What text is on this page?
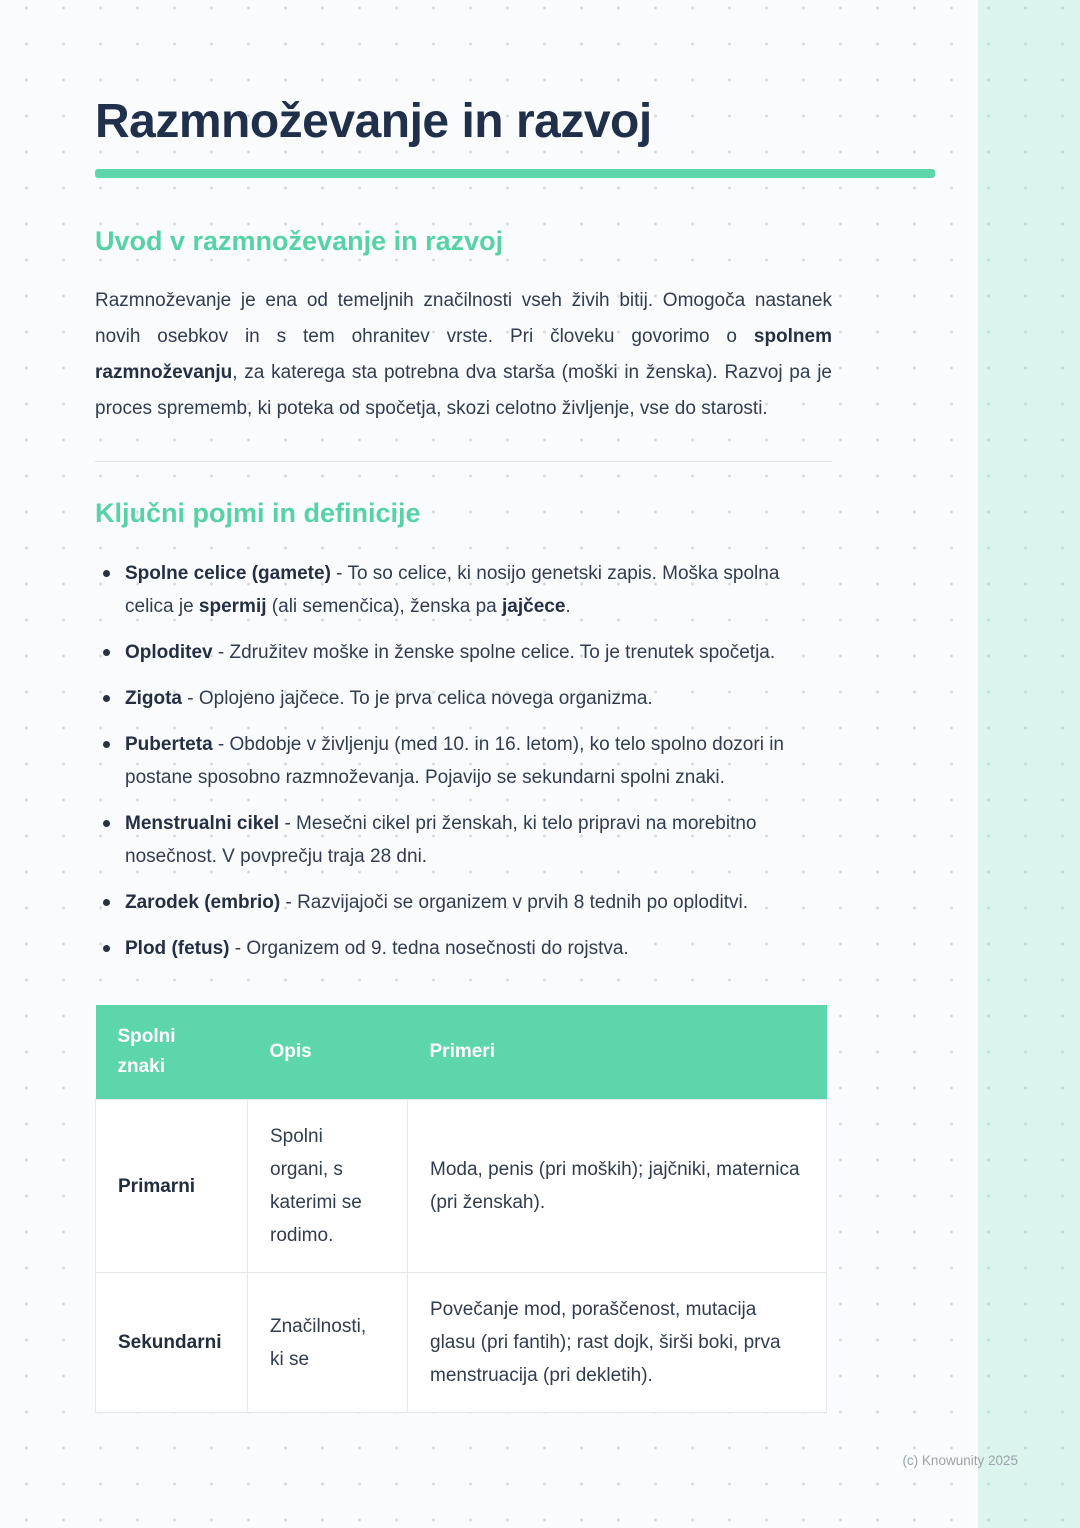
Razmnoževanje in razvoj
Uvod v razmnoževanje in razvoj

Razmnoževanje je ena od temeljnih značilnosti vseh živih bitij. Omogoča nastanek novih osebkov in s tem ohranitev vrste. Pri človeku govorimo o spolnem razmnoževanju, za katerega sta potrebna dva starša (moški in ženska). Razvoj pa je proces sprememb, ki poteka od spočetja, skozi celotno življenje, vse do starosti.

Ključni pojmi in definicije
Spolne celice (gamete) - To so celice, ki nosijo genetski zapis. Moška spolna celica je spermij (ali semenčica), ženska pa jajčece.
Oploditev - Združitev moške in ženske spolne celice. To je trenutek spočetja.
Zigota - Oplojeno jajčece. To je prva celica novega organizma.
Puberteta - Obdobje v življenju (med 10. in 16. letom), ko telo spolno dozori in postane sposobno razmnoževanja. Pojavijo se sekundarni spolni znaki.
Menstrualni cikel - Mesečni cikel pri ženskah, ki telo pripravi na morebitno nosečnost. V povprečju traja 28 dni.
Zarodek (embrio) - Razvijajoči se organizem v prvih 8 tednih po oploditvi.
Plod (fetus) - Organizem od 9. tedna nosečnosti do rojstva.
Spolni znaki	Opis	Primeri
Primarni	Spolni organi, s katerimi se rodimo.	Moda, penis (pri moških); jajčniki, maternica (pri ženskah).
Sekundarni	Značilnosti, ki se	Povečanje mod, poraščenost, mutacija glasu (pri fantih); rast dojk, širši boki, prva menstruacija (pri dekletih).
(c) Knowunity 2025
